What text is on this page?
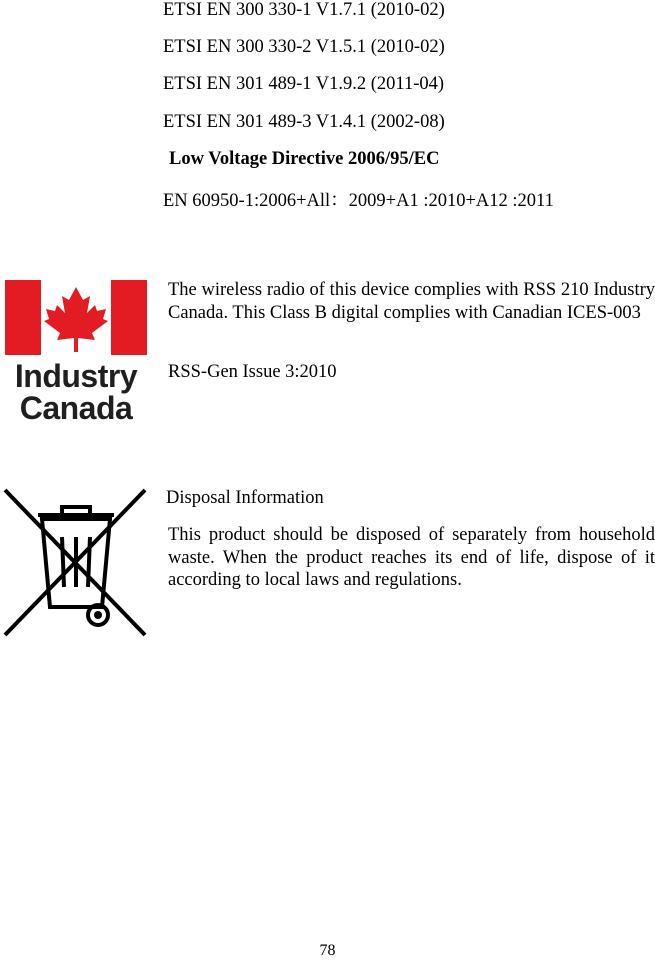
ETSI EN 300 330-1 V1.7.1 (2010-02)
ETSI EN 300 330-2 V1.5.1 (2010-02)
ETSI EN 301 489-1 V1.9.2 (2011-04)
ETSI EN 301 489-3 V1.4.1 (2002-08)
Low Voltage Directive 2006/95/EC
EN 60950-1:2006+All：2009+A1 :2010+A12 :2011
Industry
Canada
The wireless radio of this device complies with RSS 210 Industry Canada. This Class B digital complies with Canadian ICES-003
RSS-Gen Issue 3:2010
Disposal Information
This product should be disposed of separately from household waste. When the product reaches its end of life, dispose of it according to local laws and regulations.
78
